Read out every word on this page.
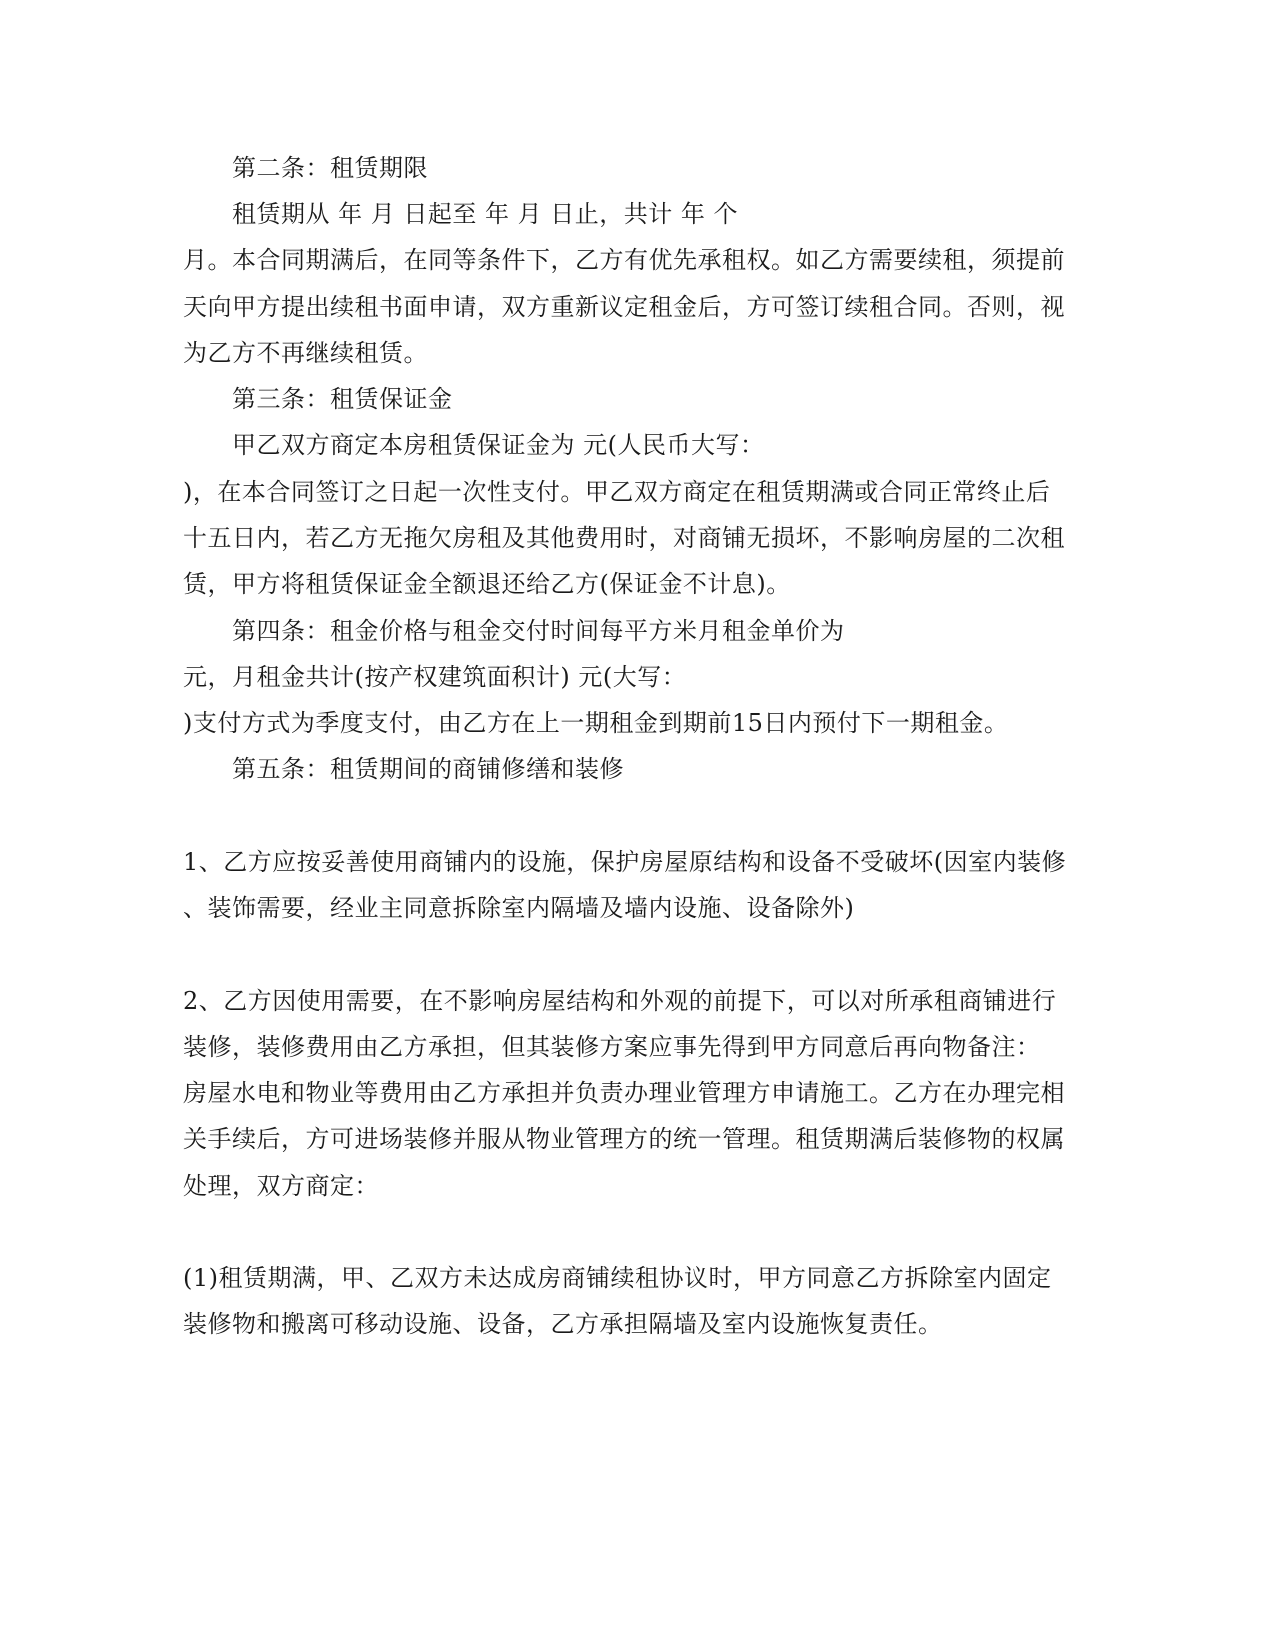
第二条：租赁期限
租赁期从 年 月 日起至 年 月 日止，共计 年 个
月。本合同期满后，在同等条件下，乙方有优先承租权。如乙方需要续租，须提前
天向甲方提出续租书面申请，双方重新议定租金后，方可签订续租合同。否则，视
为乙方不再继续租赁。
第三条：租赁保证金
甲乙双方商定本房租赁保证金为 元(人民币大写：
)，在本合同签订之日起一次性支付。甲乙双方商定在租赁期满或合同正常终止后
十五日内，若乙方无拖欠房租及其他费用时，对商铺无损坏，不影响房屋的二次租
赁，甲方将租赁保证金全额退还给乙方(保证金不计息)。
第四条：租金价格与租金交付时间每平方米月租金单价为
元，月租金共计(按产权建筑面积计) 元(大写：
)支付方式为季度支付，由乙方在上一期租金到期前15日内预付下一期租金。
第五条：租赁期间的商铺修缮和装修
1、乙方应按妥善使用商铺内的设施，保护房屋原结构和设备不受破坏(因室内装修
、装饰需要，经业主同意拆除室内隔墙及墙内设施、设备除外)
2、乙方因使用需要，在不影响房屋结构和外观的前提下，可以对所承租商铺进行
装修，装修费用由乙方承担，但其装修方案应事先得到甲方同意后再向物备注：
房屋水电和物业等费用由乙方承担并负责办理业管理方申请施工。乙方在办理完相
关手续后，方可进场装修并服从物业管理方的统一管理。租赁期满后装修物的权属
处理，双方商定：
(1)租赁期满，甲、乙双方未达成房商铺续租协议时，甲方同意乙方拆除室内固定
装修物和搬离可移动设施、设备，乙方承担隔墙及室内设施恢复责任。
